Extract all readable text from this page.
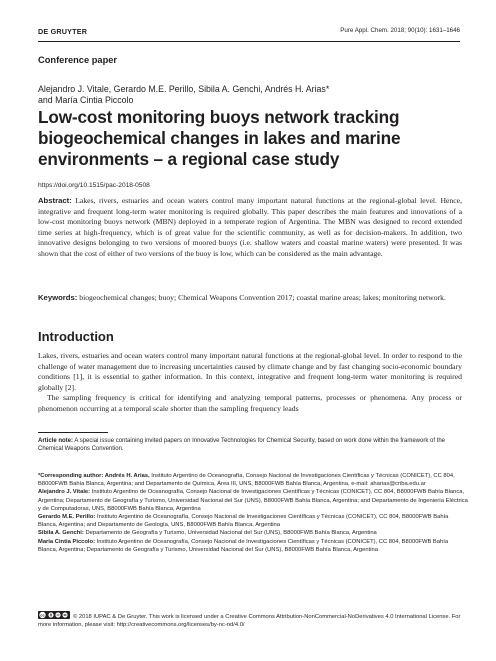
DE GRUYTER	Pure Appl. Chem. 2018; 90(10): 1631–1646
Conference paper
Alejandro J. Vitale, Gerardo M.E. Perillo, Sibila A. Genchi, Andrés H. Arias*
and María Cintia Piccolo
Low-cost monitoring buoys network tracking biogeochemical changes in lakes and marine environments – a regional case study
https://doi.org/10.1515/pac-2018-0508

Abstract: Lakes, rivers, estuaries and ocean waters control many important natural functions at the regional-global level. Hence, integrative and frequent long-term water monitoring is required globally. This paper describes the main features and innovations of a low-cost monitoring buoys network (MBN) deployed in a temperate region of Argentina. The MBN was designed to record extended time series at high-frequency, which is of great value for the scientific community, as well as for decision-makers. In addition, two innovative designs belonging to two versions of moored buoys (i.e. shallow waters and coastal marine waters) were presented. It was shown that the cost of either of two versions of the buoy is low, which can be considered as the main advantage.

Keywords: biogeochemical changes; buoy; Chemical Weapons Convention 2017; coastal marine areas; lakes; monitoring network.

Introduction

Lakes, rivers, estuaries and ocean waters control many important natural functions at the regional-global level. In order to respond to the challenge of water management due to increasing uncertainties caused by climate change and by fast changing socio-economic boundary conditions [1], it is essential to gather information. In this context, integrative and frequent long-term water monitoring is required globally [2].

The sampling frequency is critical for identifying and analyzing temporal patterns, processes or phenomena. Any process or phenomenon occurring at a temporal scale shorter than the sampling frequency leads

Article note: A special issue containing invited papers on Innovative Technologies for Chemical Security, based on work done within the framework of the Chemical Weapons Convention.

*Corresponding author: Andrés H. Arias, Instituto Argentino de Oceanografía, Consejo Nacional de Investigaciones Científicas y Técnicas (CONICET), CC 804, B8000FWB Bahía Blanca, Argentina; and Departamento de Química, Área III, UNS, B8000FWB Bahía Blanca, Argentina, e-mail: aharias@criba.edu.ar

Alejandro J. Vitale: Instituto Argentino de Oceanografía, Consejo Nacional de Investigaciones Científicas y Técnicas (CONICET), CC 804, B8000FWB Bahía Blanca, Argentina; Departamento de Geografía y Turismo, Universidad Nacional del Sur (UNS), B8000FWB Bahía Blanca, Argentina; and Departamento de Ingeniería Eléctrica y de Computadoras, UNS, B8000FWB Bahía Blanca, Argentina

Gerardo M.E. Perillo: Instituto Argentino de Oceanografía, Consejo Nacional de Investigaciones Científicas y Técnicas (CONICET), CC 804, B8000FWB Bahía Blanca, Argentina; and Departamento de Geología, UNS, B8000FWB Bahía Blanca, Argentina

Sibila A. Genchi: Departamento de Geografía y Turismo, Universidad Nacional del Sur (UNS), B8000FWB Bahía Blanca, Argentina

María Cintia Piccolo: Instituto Argentino de Oceanografía, Consejo Nacional de Investigaciones Científicas y Técnicas (CONICET), CC 804, B8000FWB Bahía Blanca, Argentina; Departamento de Geografía y Turismo, Universidad Nacional del Sur (UNS), B8000FWB Bahía Blanca, Argentina

cc	© 2018 IUPAC & De Gruyter. This work is licensed under a Creative Commons Attribution-NonCommercial-NoDerivatives 4.0 International License. For more information, please visit: http://creativecommons.org/licenses/by-nc-nd/4.0/
